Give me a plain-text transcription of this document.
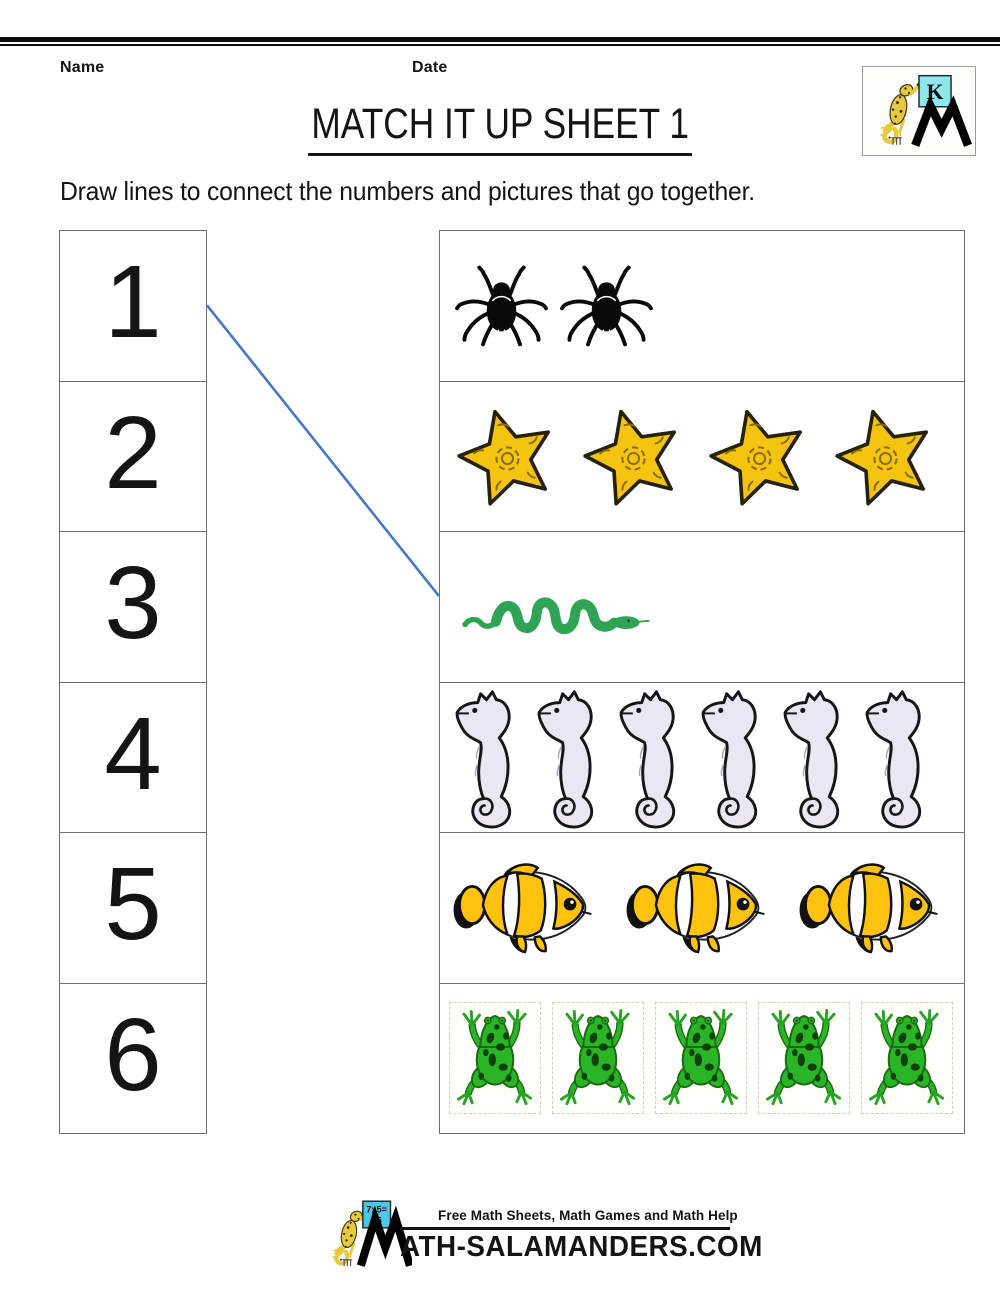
Name	Date
K
MATCH IT UP SHEET 1
Draw lines to connect the numbers and pictures that go together.
1
2
3
4
5
6
7x5=
35	Free Math Sheets, Math Games and Math Help
ATH-SALAMANDERS.COM
